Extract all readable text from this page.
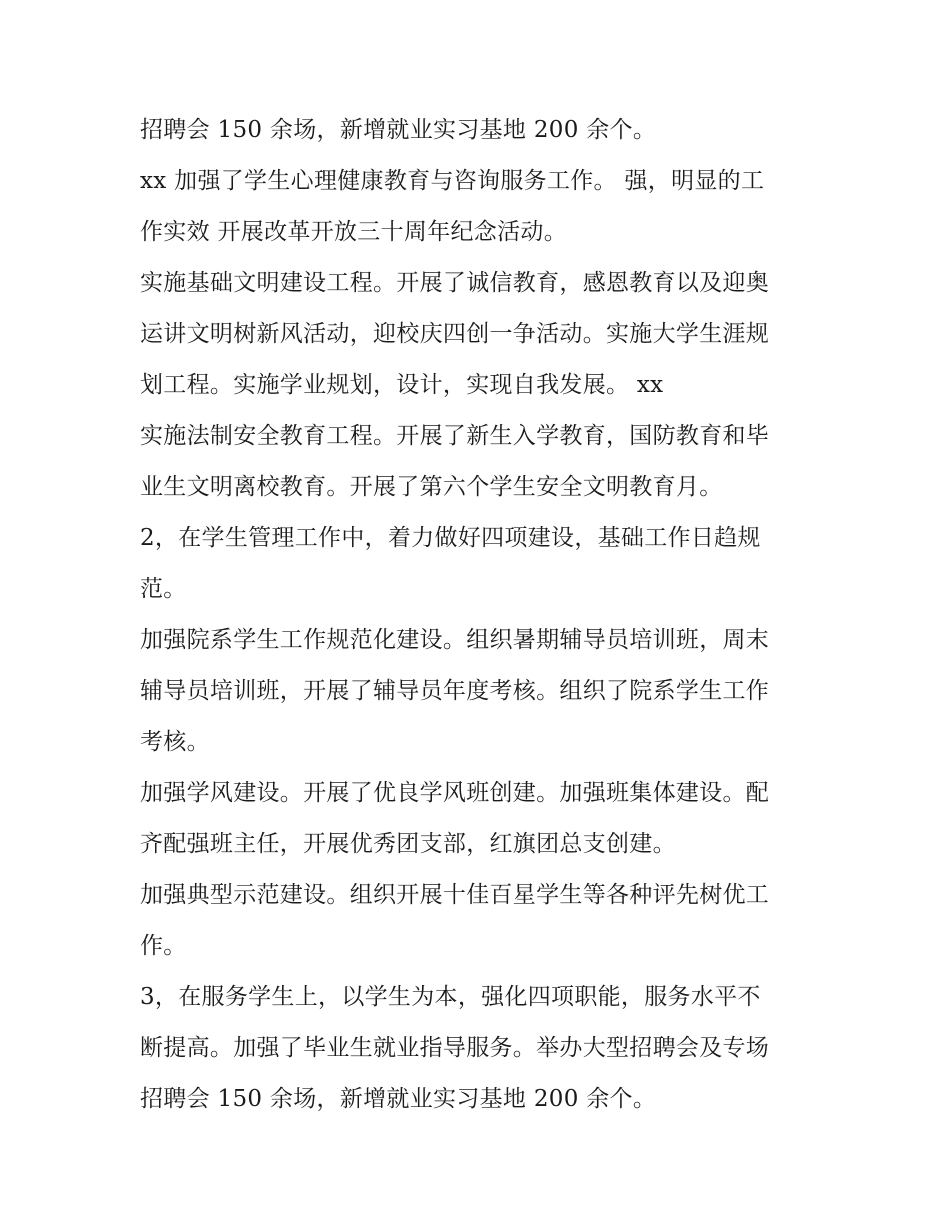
招聘会 150 余场，新增就业实习基地 200 余个。
xx 加强了学生心理健康教育与咨询服务工作。 强，明显的工
作实效 开展改革开放三十周年纪念活动。
实施基础文明建设工程。开展了诚信教育，感恩教育以及迎奥
运讲文明树新风活动，迎校庆四创一争活动。实施大学生涯规
划工程。实施学业规划，设计，实现自我发展。 xx
实施法制安全教育工程。开展了新生入学教育，国防教育和毕
业生文明离校教育。开展了第六个学生安全文明教育月。
2，在学生管理工作中，着力做好四项建设，基础工作日趋规
范。
加强院系学生工作规范化建设。组织暑期辅导员培训班，周末
辅导员培训班，开展了辅导员年度考核。组织了院系学生工作
考核。
加强学风建设。开展了优良学风班创建。加强班集体建设。配
齐配强班主任，开展优秀团支部，红旗团总支创建。
加强典型示范建设。组织开展十佳百星学生等各种评先树优工
作。
3，在服务学生上，以学生为本，强化四项职能，服务水平不
断提高。加强了毕业生就业指导服务。举办大型招聘会及专场
招聘会 150 余场，新增就业实习基地 200 余个。
